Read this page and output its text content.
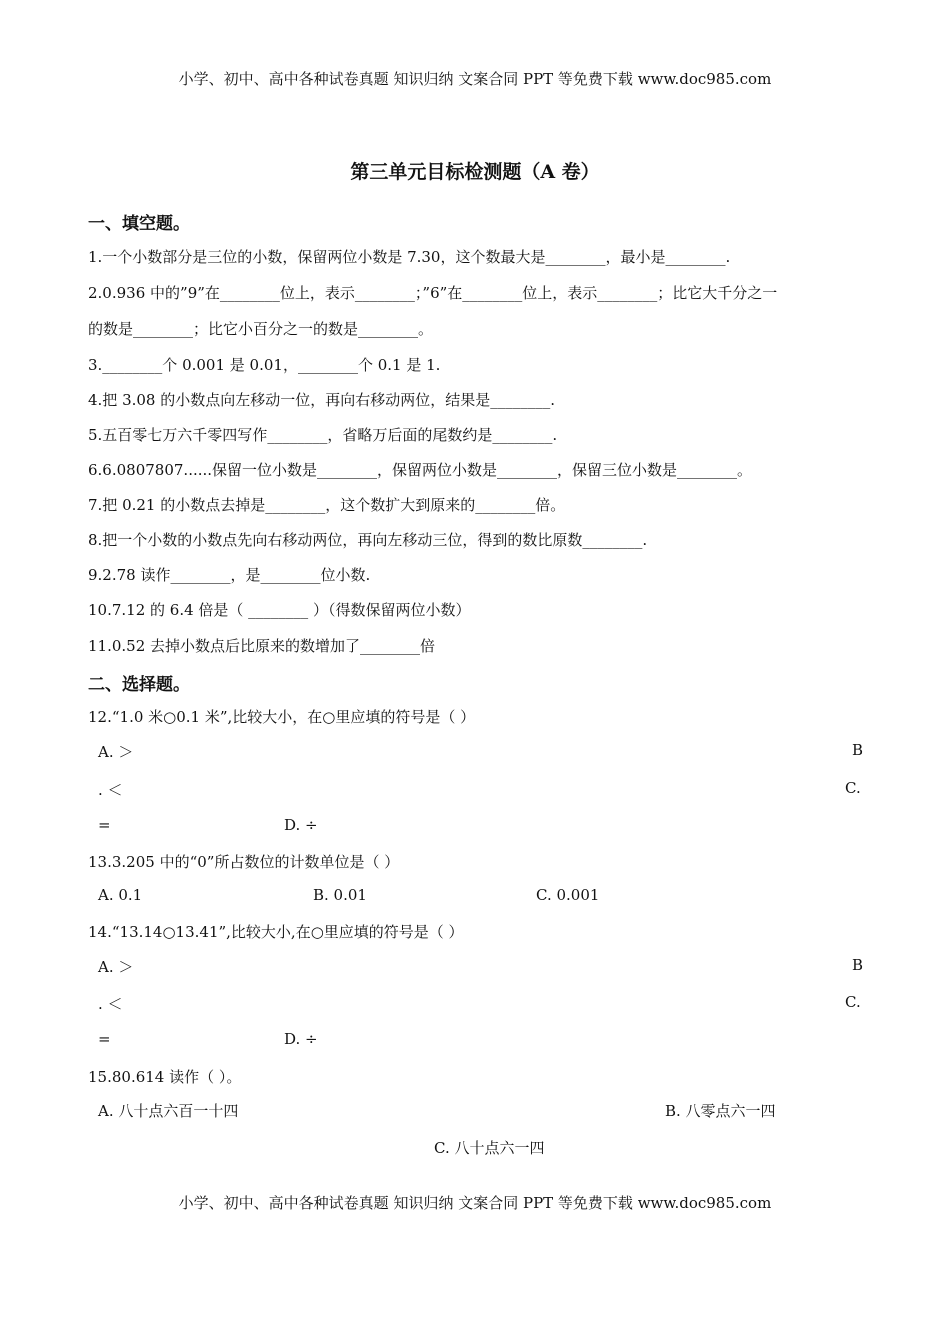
小学、初中、高中各种试卷真题 知识归纳 文案合同 PPT 等免费下载 www.doc985.com
第三单元目标检测题（A 卷）
一、填空题。
1.一个小数部分是三位的小数，保留两位小数是 7.30，这个数最大是________，最小是________.
2.0.936 中的”9”在________位上，表示________；”6”在________位上，表示________；比它大千分之一
的数是________；比它小百分之一的数是________。
3.________个 0.001 是 0.01，________个 0.1 是 1.
4.把 3.08 的小数点向左移动一位，再向右移动两位，结果是________.
5.五百零七万六千零四写作________，省略万后面的尾数约是________.
6.6.0807807......保留一位小数是________，保留两位小数是________，保留三位小数是________。
7.把 0.21 的小数点去掉是________，这个数扩大到原来的________倍。
8.把一个小数的小数点先向右移动两位，再向左移动三位，得到的数比原数________.
9.2.78 读作________，是________位小数.
10.7.12 的 6.4 倍是（ ________ ）（得数保留两位小数）
11.0.52 去掉小数点后比原来的数增加了________倍
二、选择题。
12.“1.0 米○0.1 米”,比较大小，在○里应填的符号是（ ）
A. ＞	B
. ＜	C.
=	D. ÷
13.3.205 中的“0”所占数位的计数单位是（ ）
A. 0.1	B. 0.01	C. 0.001
14.“13.14○13.41”,比较大小,在○里应填的符号是（ ）
A. ＞	B
. ＜	C.
=	D. ÷
15.80.614 读作（ ）。
A. 八十点六百一十四	B. 八零点六一四
C. 八十点六一四
小学、初中、高中各种试卷真题 知识归纳 文案合同 PPT 等免费下载 www.doc985.com
